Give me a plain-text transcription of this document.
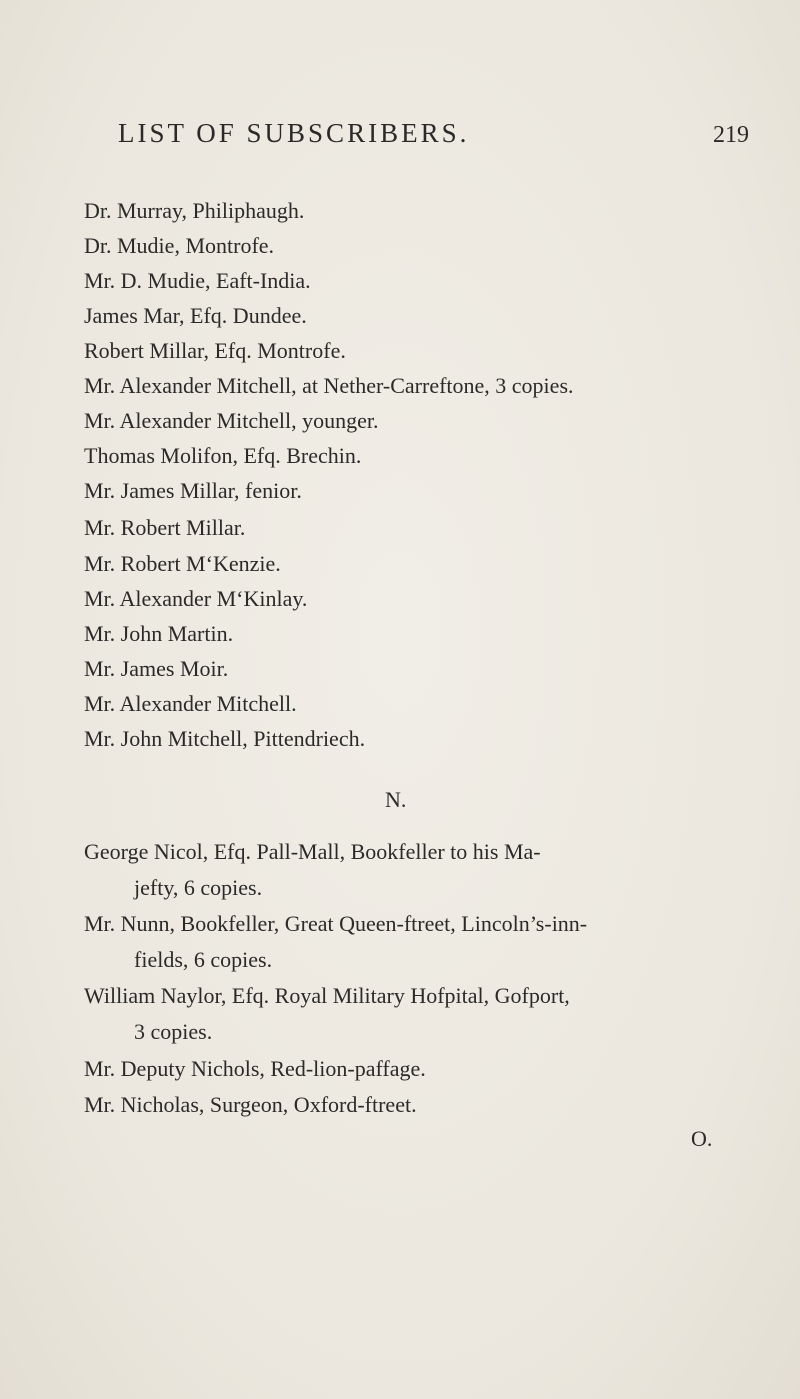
LIST OF SUBSCRIBERS.	219
Dr. Murray, Philiphaugh.
Dr. Mudie, Montrofe.
Mr. D. Mudie, Eaft-India.
James Mar, Efq. Dundee.
Robert Millar, Efq. Montrofe.
Mr. Alexander Mitchell, at Nether-Carreftone, 3 copies.
Mr. Alexander Mitchell, younger.
Thomas Molifon, Efq. Brechin.
Mr. James Millar, fenior.
Mr. Robert Millar.
Mr. Robert M‘Kenzie.
Mr. Alexander M‘Kinlay.
Mr. John Martin.
Mr. James Moir.
Mr. Alexander Mitchell.
Mr. John Mitchell, Pittendriech.
N.
George Nicol, Efq. Pall-Mall, Bookfeller to his Ma-
jefty, 6 copies.
Mr. Nunn, Bookfeller, Great Queen-ftreet, Lincoln’s-inn-
fields, 6 copies.
William Naylor, Efq. Royal Military Hofpital, Gofport,
3 copies.
Mr. Deputy Nichols, Red-lion-paffage.
Mr. Nicholas, Surgeon, Oxford-ftreet.
O.
